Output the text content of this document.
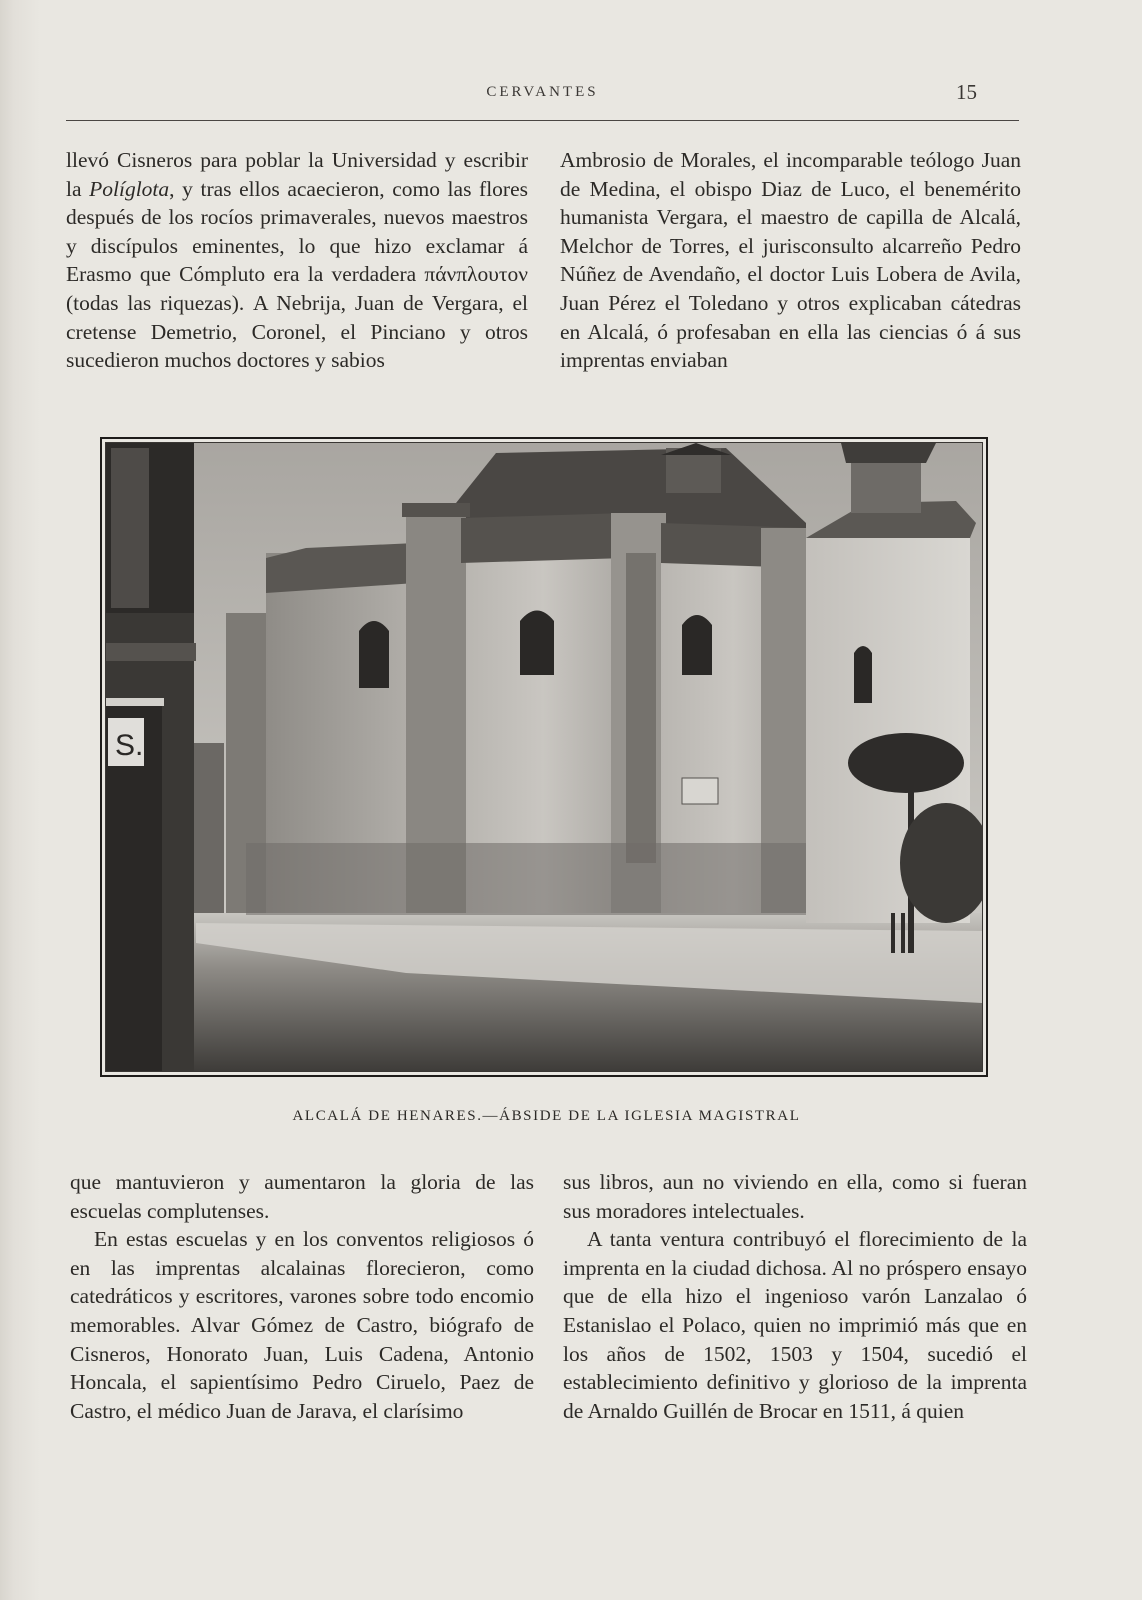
CERVANTES	15

llevó Cisneros para poblar la Universidad y escribir la Políglota, y tras ellos acaecieron, como las flores después de los rocíos primaverales, nuevos maestros y discípulos eminentes, lo que hizo exclamar á Erasmo que Cómpluto era la verdadera πάνπλουτον (todas las riquezas). A Nebrija, Juan de Vergara, el cretense Demetrio, Coronel, el Pinciano y otros sucedieron muchos doctores y sabios

Ambrosio de Morales, el incomparable teólogo Juan de Medina, el obispo Diaz de Luco, el benemérito humanista Vergara, el maestro de capilla de Alcalá, Melchor de Torres, el jurisconsulto alcarreño Pedro Núñez de Avendaño, el doctor Luis Lobera de Avila, Juan Pérez el Toledano y otros explicaban cátedras en Alcalá, ó profesaban en ella las ciencias ó á sus imprentas enviaban

S.
ALCALÁ DE HENARES.—ÁBSIDE DE LA IGLESIA MAGISTRAL

que mantuvieron y aumentaron la gloria de las escuelas complutenses.

En estas escuelas y en los conventos religiosos ó en las imprentas alcalainas florecieron, como catedráticos y escritores, varones sobre todo encomio memorables. Alvar Gómez de Castro, biógrafo de Cisneros, Honorato Juan, Luis Cadena, Antonio Honcala, el sapientísimo Pedro Ciruelo, Paez de Castro, el médico Juan de Jarava, el clarísimo

sus libros, aun no viviendo en ella, como si fueran sus moradores intelectuales.

A tanta ventura contribuyó el florecimiento de la imprenta en la ciudad dichosa. Al no próspero ensayo que de ella hizo el ingenioso varón Lanzalao ó Estanislao el Polaco, quien no imprimió más que en los años de 1502, 1503 y 1504, sucedió el establecimiento definitivo y glorioso de la imprenta de Arnaldo Guillén de Brocar en 1511, á quien
